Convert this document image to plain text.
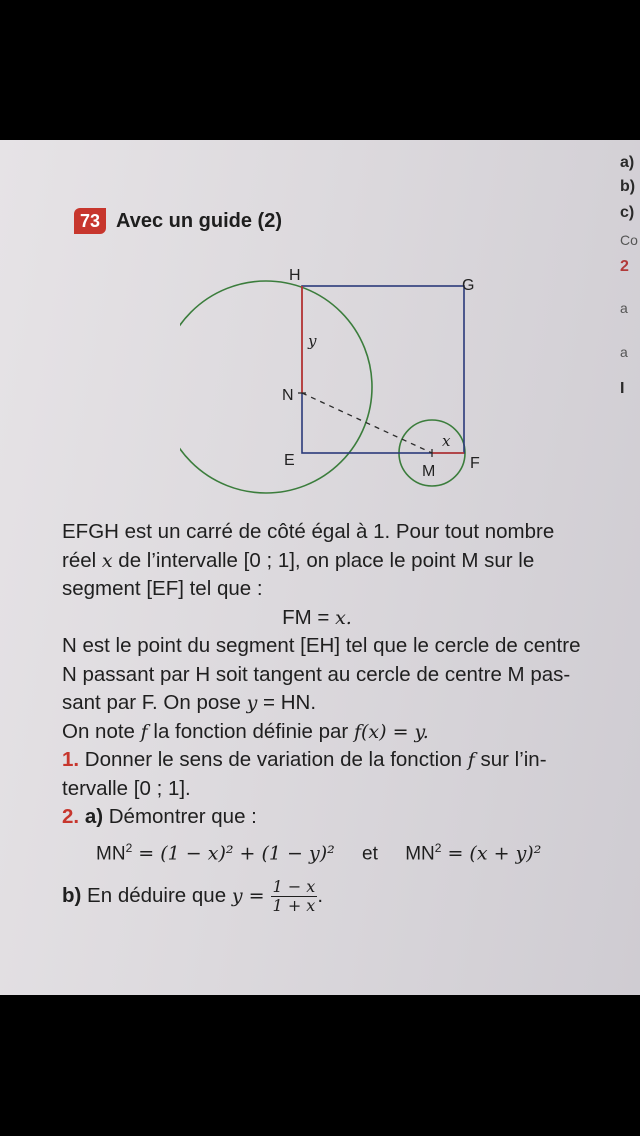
a)
b)
c)
Co
2
a
a
I
73 Avec un guide (2)
H
G
N
E	F
M
x
y
EFGH est un carré de côté égal à 1. Pour tout nombre
réel x de l’intervalle [0 ; 1], on place le point M sur le
segment [EF] tel que :
FM = x.
N est le point du segment [EH] tel que le cercle de centre
N passant par H soit tangent au cercle de centre M pas-
sant par F. On pose y = HN.
On note f la fonction définie par f(x) = y.
1. Donner le sens de variation de la fonction f sur l’in-
tervalle [0 ; 1].
2. a) Démontrer que :
$MN^2 = (1 - x)^2 + (1 - y)^2$ et $MN^2 = (x + y)^2$
b) En déduire que $y = \frac{1 - x}{1 + x}$ .
